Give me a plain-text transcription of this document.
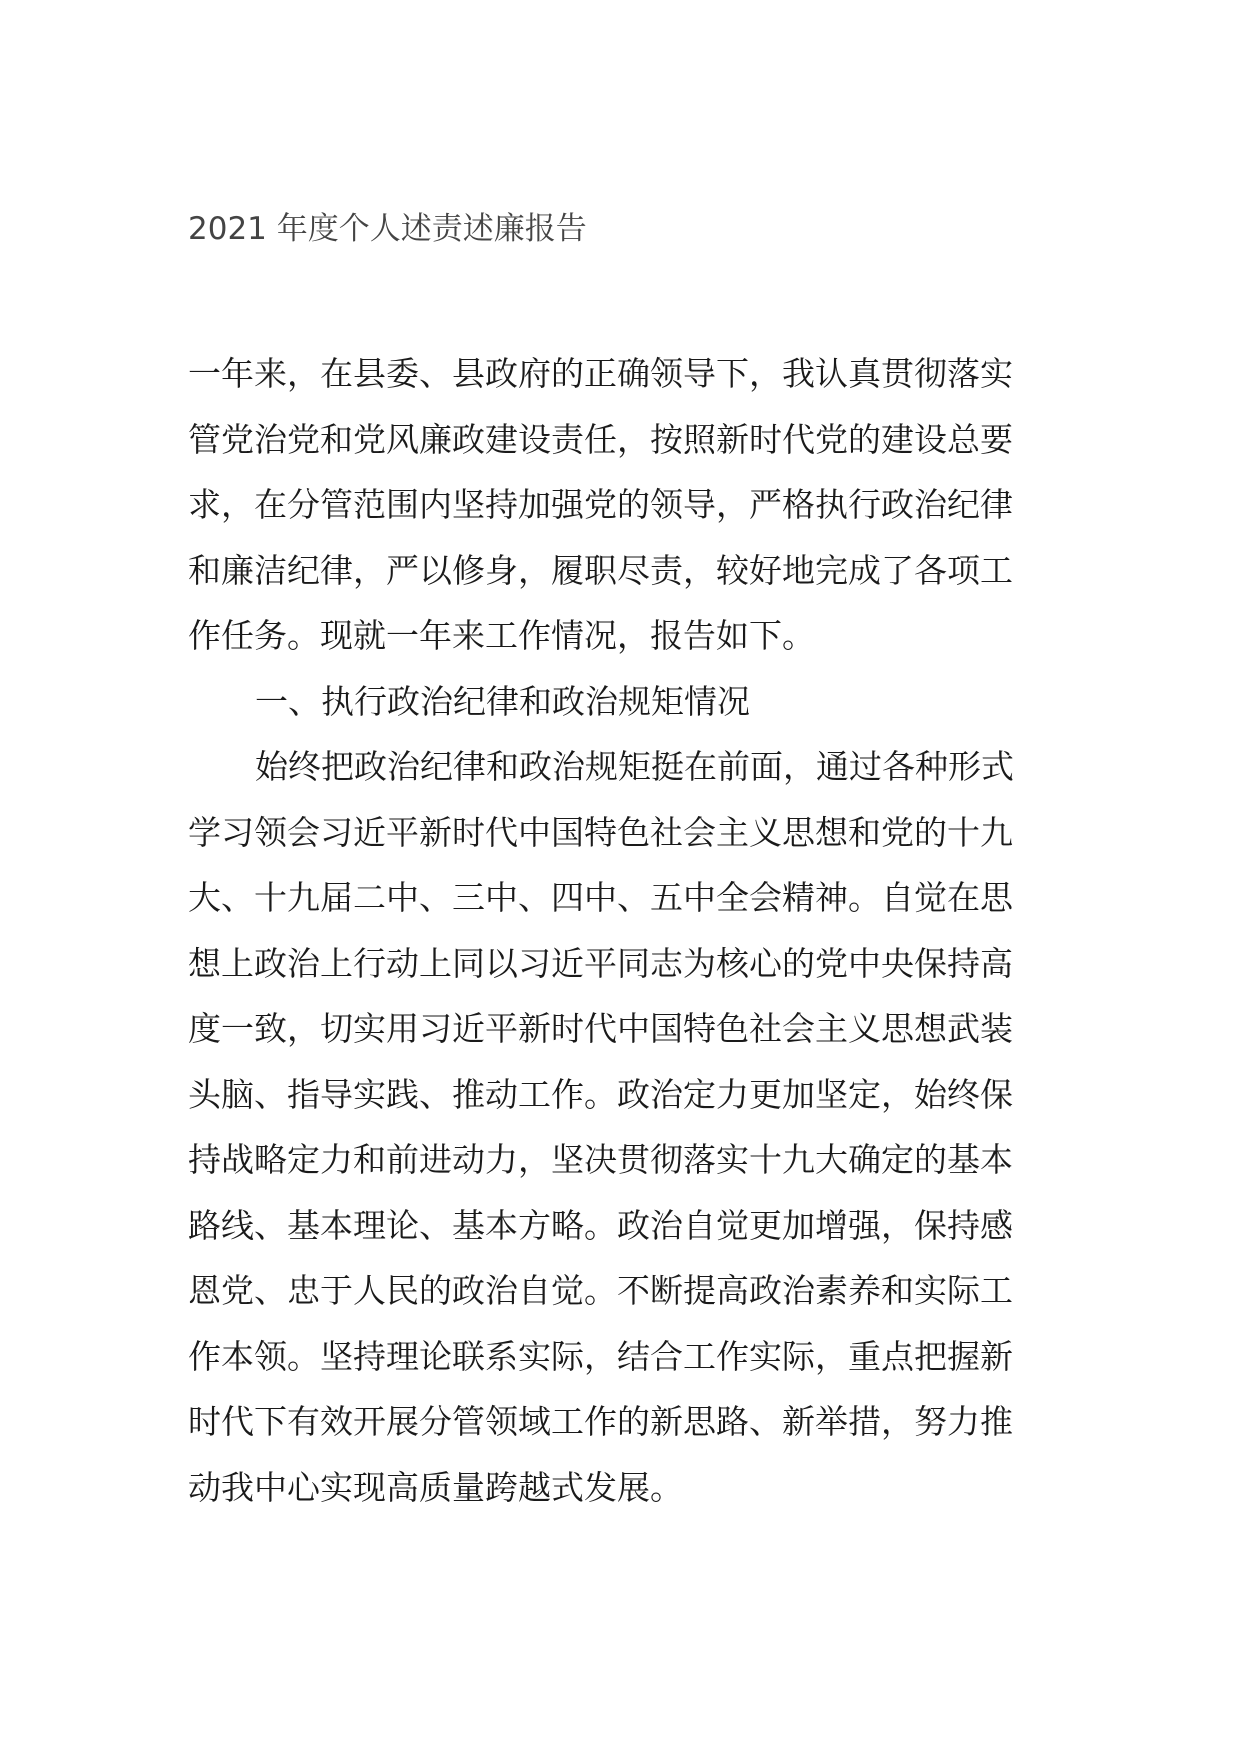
2021 年度个人述责述廉报告
一年来，在县委、县政府的正确领导下，我认真贯彻落实
管党治党和党风廉政建设责任，按照新时代党的建设总要
求，在分管范围内坚持加强党的领导，严格执行政治纪律
和廉洁纪律，严以修身，履职尽责，较好地完成了各项工
作任务。现就一年来工作情况，报告如下。
一、执行政治纪律和政治规矩情况
始终把政治纪律和政治规矩挺在前面，通过各种形式
学习领会习近平新时代中国特色社会主义思想和党的十九
大、十九届二中、三中、四中、五中全会精神。自觉在思
想上政治上行动上同以习近平同志为核心的党中央保持高
度一致，切实用习近平新时代中国特色社会主义思想武装
头脑、指导实践、推动工作。政治定力更加坚定，始终保
持战略定力和前进动力，坚决贯彻落实十九大确定的基本
路线、基本理论、基本方略。政治自觉更加增强，保持感
恩党、忠于人民的政治自觉。不断提高政治素养和实际工
作本领。坚持理论联系实际，结合工作实际，重点把握新
时代下有效开展分管领域工作的新思路、新举措，努力推
动我中心实现高质量跨越式发展。
